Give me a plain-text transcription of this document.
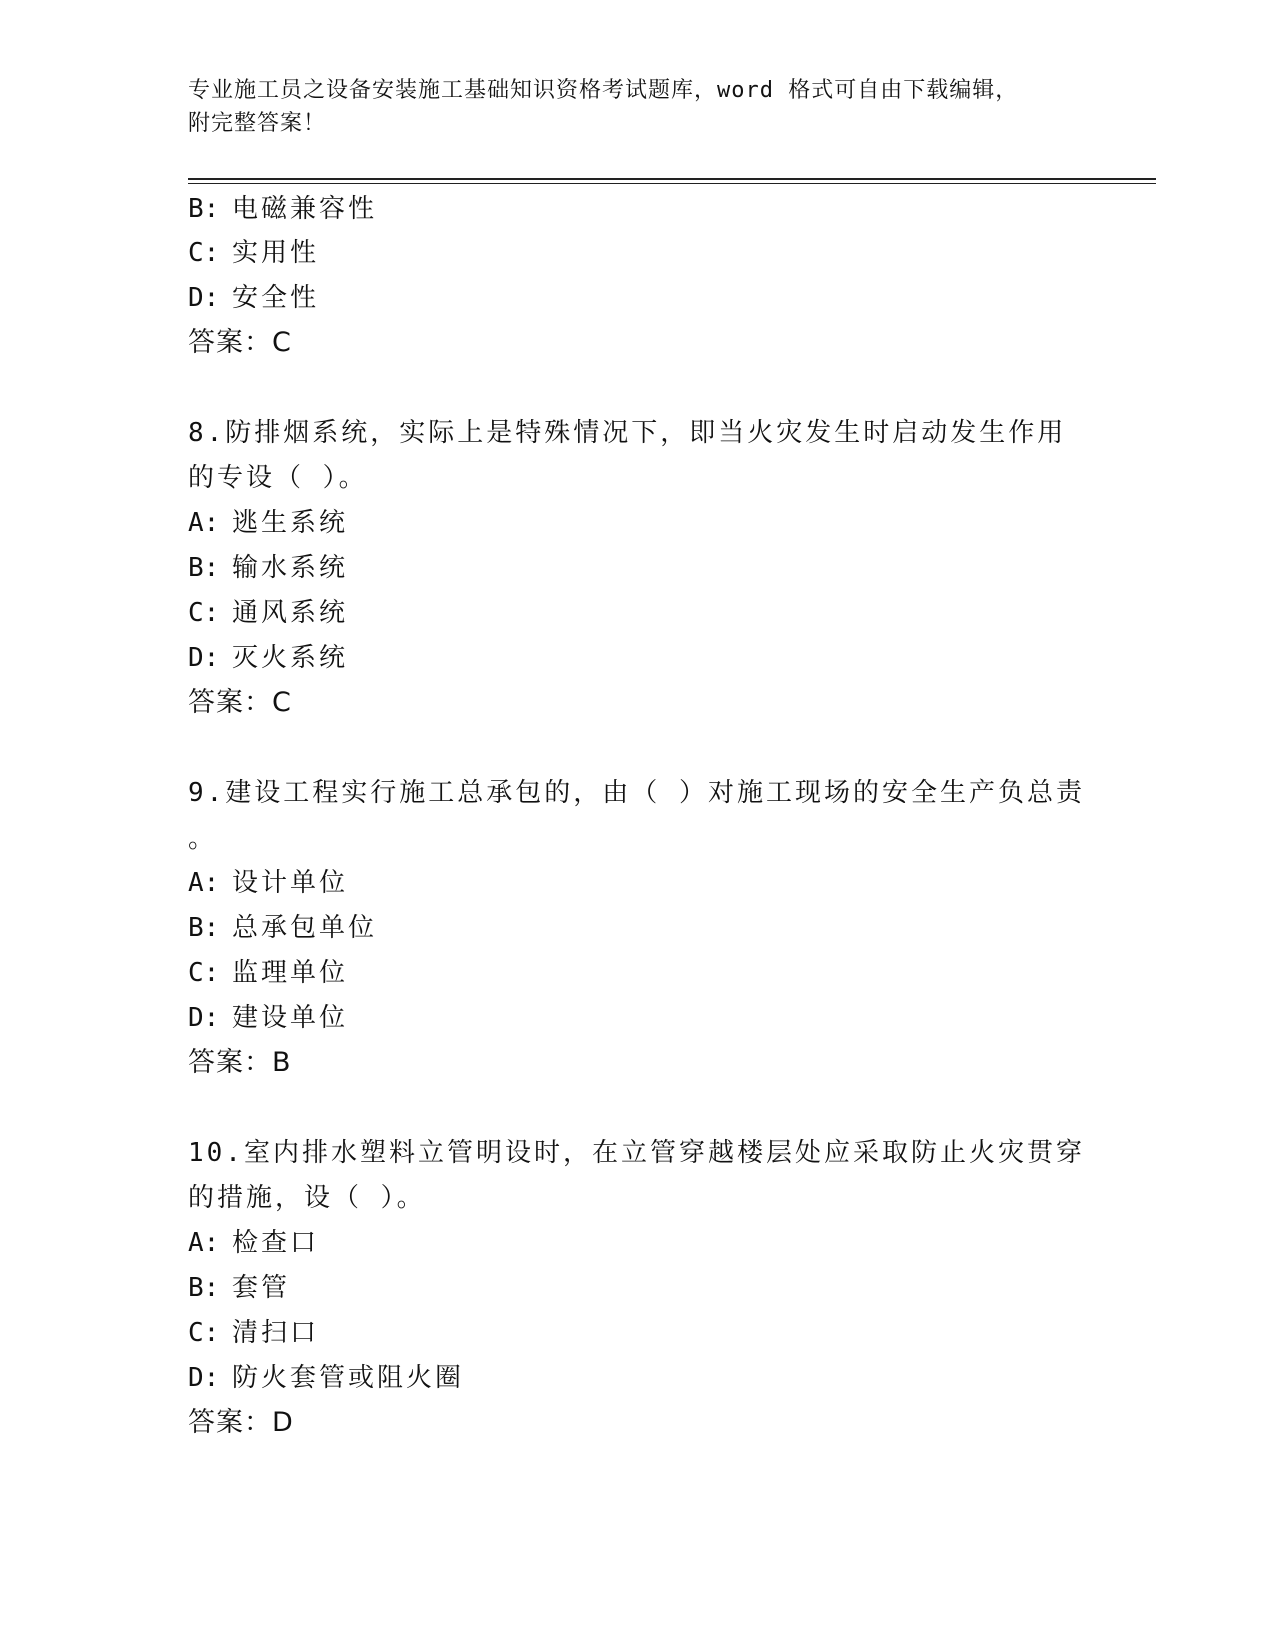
专业施工员之设备安装施工基础知识资格考试题库，word 格式可自由下载编辑，
附完整答案！
B: 电磁兼容性
C: 实用性
D: 安全性
答案：C
8.防排烟系统，实际上是特殊情况下，即当火灾发生时启动发生作用
的专设（ ）。
A: 逃生系统
B: 输水系统
C: 通风系统
D: 灭火系统
答案：C
9.建设工程实行施工总承包的，由（ ）对施工现场的安全生产负总责
。
A: 设计单位
B: 总承包单位
C: 监理单位
D: 建设单位
答案：B
10.室内排水塑料立管明设时，在立管穿越楼层处应采取防止火灾贯穿
的措施，设（ ）。
A: 检查口
B: 套管
C: 清扫口
D: 防火套管或阻火圈
答案：D
